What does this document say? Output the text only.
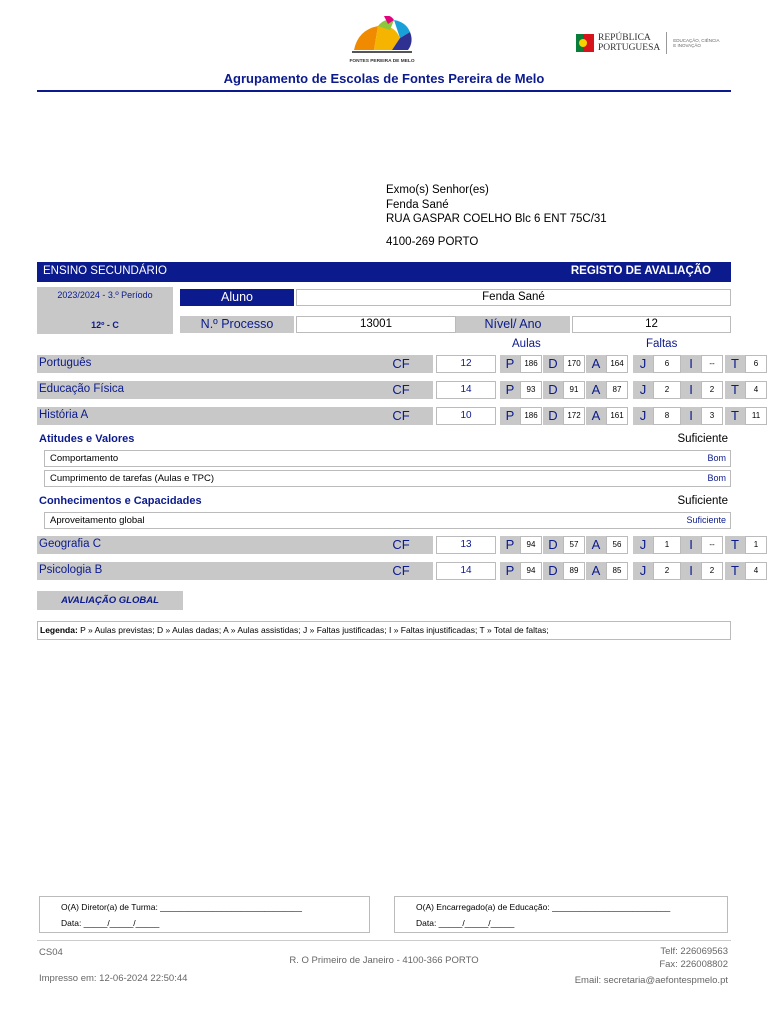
FONTES PEREIRA DE MELO
Agrupamento de Escolas de Fontes Pereira de Melo
REPÚBLICA
PORTUGUESA
EDUCAÇÃO, CIÊNCIA
E INOVAÇÃO
Exmo(s) Senhor(es)
Fenda Sané
RUA GASPAR COELHO Blc 6 ENT 75C/31
4100-269 PORTO
ENSINO SECUNDÁRIO	REGISTO DE AVALIAÇÃO
2023/2024 - 3.º Período
12º - C
Aluno	Fenda Sané
N.º Processo	13001	Nível/ Ano	12
Aulas	Faltas
Português	CF	12	P	186 D	170 A	164	J	6	I	--	T	6
Educação Física	CF	14	P	93 D	91	A	87	J	2	I	2	T	4
História A	CF	10	P	186 D	172 A	161	J	8	I	3	T	11
Atitudes e Valores	Suficiente
Comportamento	Bom
Cumprimento de tarefas (Aulas e TPC)	Bom
Conhecimentos e Capacidades	Suficiente
Aproveitamento global	Suficiente
Geografia C	CF	13	P	94 D	57	A	56	J	1	I	--	T	1
Psicologia B	CF	14	P	94 D	89	A	85	J	2	I	2	T	4
AVALIAÇÃO GLOBAL
Legenda: P » Aulas previstas; D » Aulas dadas; A » Aulas assistidas; J » Faltas justificadas; I » Faltas injustificadas; T » Total de faltas;
O(A) Diretor(a) de Turma: ______________________________
Data: _____/_____/_____
O(A) Encarregado(a) de Educação: _________________________
Data: _____/_____/_____
CS04
Impresso em: 12-06-2024 22:50:44
R. O Primeiro de Janeiro - 4100-366 PORTO
Telf: 226069563
Fax: 226008802
Email: secretaria@aefontespmelo.pt
